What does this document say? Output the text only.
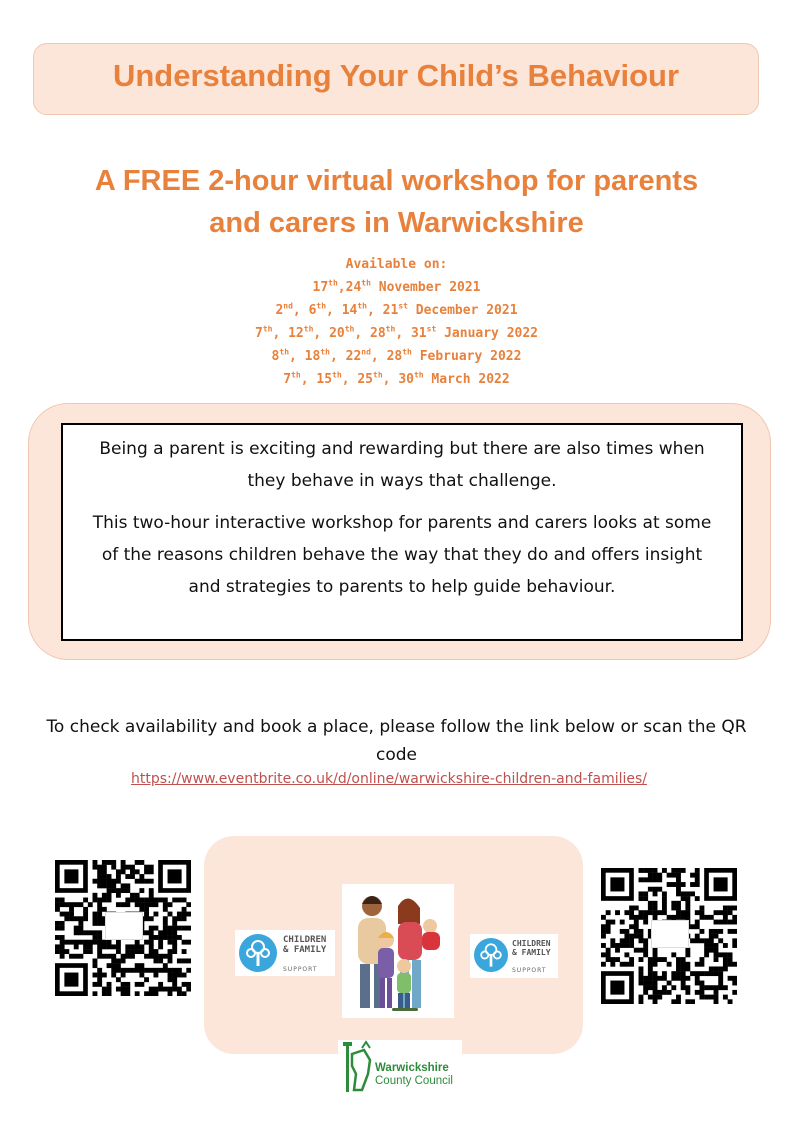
Understanding Your Child’s Behaviour
A FREE 2-hour virtual workshop for parents
and carers in Warwickshire
Available on:
17th,24th November 2021
2nd, 6th, 14th, 21st December 2021
7th, 12th, 20th, 28th, 31st January 2022
8th, 18th, 22nd, 28th February 2022
7th, 15th, 25th, 30th March 2022

Being a parent is exciting and rewarding but there are also times when they behave in ways that challenge.

This two-hour interactive workshop for parents and carers looks at some of the reasons children behave the way that they do and offers insight and strategies to parents to help guide behaviour.

To check availability and book a place, please follow the link below or scan the QR code
https://www.eventbrite.co.uk/d/online/warwickshire-children-and-families/
CHILDREN
& FAMILY
SUPPORT
CHILDREN
& FAMILY
SUPPORT
Warwickshire
County Council
